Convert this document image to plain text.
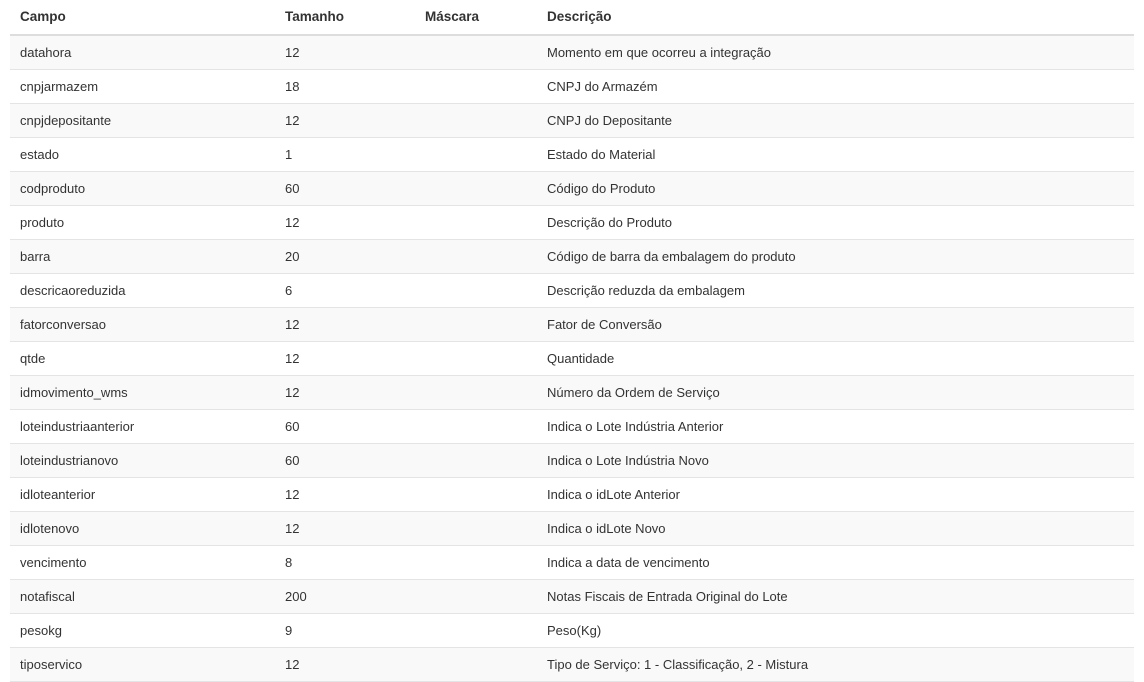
Campo	Tamanho	Máscara	Descrição
datahora	12		Momento em que ocorreu a integração
cnpjarmazem	18		CNPJ do Armazém
cnpjdepositante	12		CNPJ do Depositante
estado	1		Estado do Material
codproduto	60		Código do Produto
produto	12		Descrição do Produto
barra	20		Código de barra da embalagem do produto
descricaoreduzida	6		Descrição reduzda da embalagem
fatorconversao	12		Fator de Conversão
qtde	12		Quantidade
idmovimento_wms	12		Número da Ordem de Serviço
loteindustriaanterior	60		Indica o Lote Indústria Anterior
loteindustrianovo	60		Indica o Lote Indústria Novo
idloteanterior	12		Indica o idLote Anterior
idlotenovo	12		Indica o idLote Novo
vencimento	8		Indica a data de vencimento
notafiscal	200		Notas Fiscais de Entrada Original do Lote
pesokg	9		Peso(Kg)
tiposervico	12		Tipo de Serviço: 1 - Classificação, 2 - Mistura
